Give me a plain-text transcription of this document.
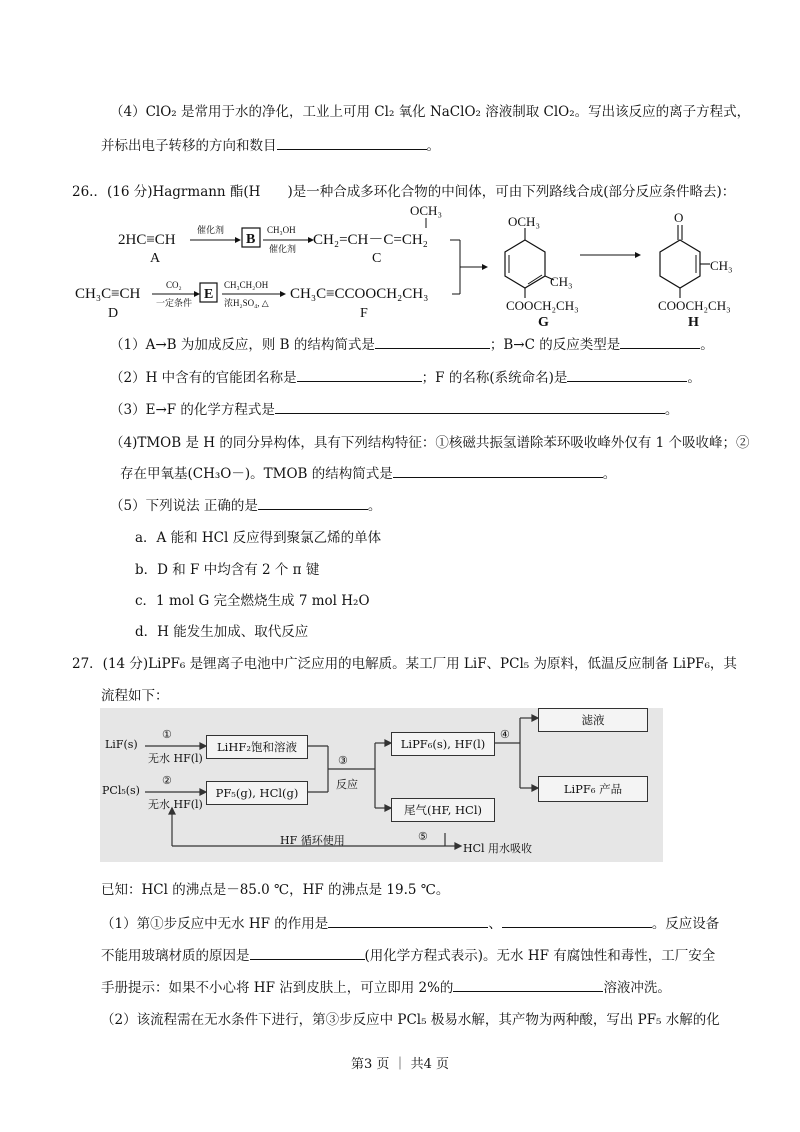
（4）ClO₂ 是常用于水的净化，工业上可用 Cl₂ 氧化 NaClO₂ 溶液制取 ClO₂。写出该反应的离子方程式，
并标出电子转移的方向和数目	。
26.．(16 分)Hagrmann 酯(H　　)是一种合成多环化合物的中间体，可由下列路线合成(部分反应条件略去)：
2HC≡CH
A
催化剂
B
CH₃OH
催化剂
CH₂=CH－C=CH₂
OCH₃
C
CH₃C≡CH
D
CO₂
一定条件
E
CH₃CH₂OH
浓H₂SO₄, △
CH₃C≡CCOOCH₂CH₃
F
OCH₃
CH₃
COOCH₂CH₃
G
O
CH₃
COOCH₂CH₃
H
（1）A→B 为加成反应，则 B 的结构简式是	；B→C 的反应类型是	。
（2）H 中含有的官能团名称是	；F 的名称(系统命名)是	。
（3）E→F 的化学方程式是	。
（4)TMOB 是 H 的同分异构体，具有下列结构特征：①核磁共振氢谱除苯环吸收峰外仅有 1 个吸收峰；②
存在甲氧基(CH₃O－)。TMOB 的结构简式是	。
（5）下列说法 正确的是	。
a．A 能和 HCl 反应得到聚氯乙烯的单体
b．D 和 F 中均含有 2 个 π 键
c．1 mol G 完全燃烧生成 7 mol H₂O
d．H 能发生加成、取代反应
27．(14 分)LiPF₆ 是锂离子电池中广泛应用的电解质。某工厂用 LiF、PCl₅ 为原料，低温反应制备 LiPF₆，其
流程如下：
LiF(s)
①
无水 HF(l)
LiHF₂饱和溶液
PCl₅(s)
②
无水 HF(l)
PF₅(g), HCl(g)
③
反应
LiPF₆(s), HF(l)
④
滤液
LiPF₆ 产品
尾气(HF, HCl)
⑤
HF 循环使用
HCl 用水吸收
已知：HCl 的沸点是－85.0 ℃，HF 的沸点是 19.5 ℃。
（1）第①步反应中无水 HF 的作用是	、	。反应设备
不能用玻璃材质的原因是	(用化学方程式表示)。无水 HF 有腐蚀性和毒性，工厂安全
手册提示：如果不小心将 HF 沾到皮肤上，可立即用 2%的	溶液冲洗。
（2）该流程需在无水条件下进行，第③步反应中 PCl₅ 极易水解，其产物为两种酸，写出 PF₅ 水解的化
第3 页 ｜ 共4 页
